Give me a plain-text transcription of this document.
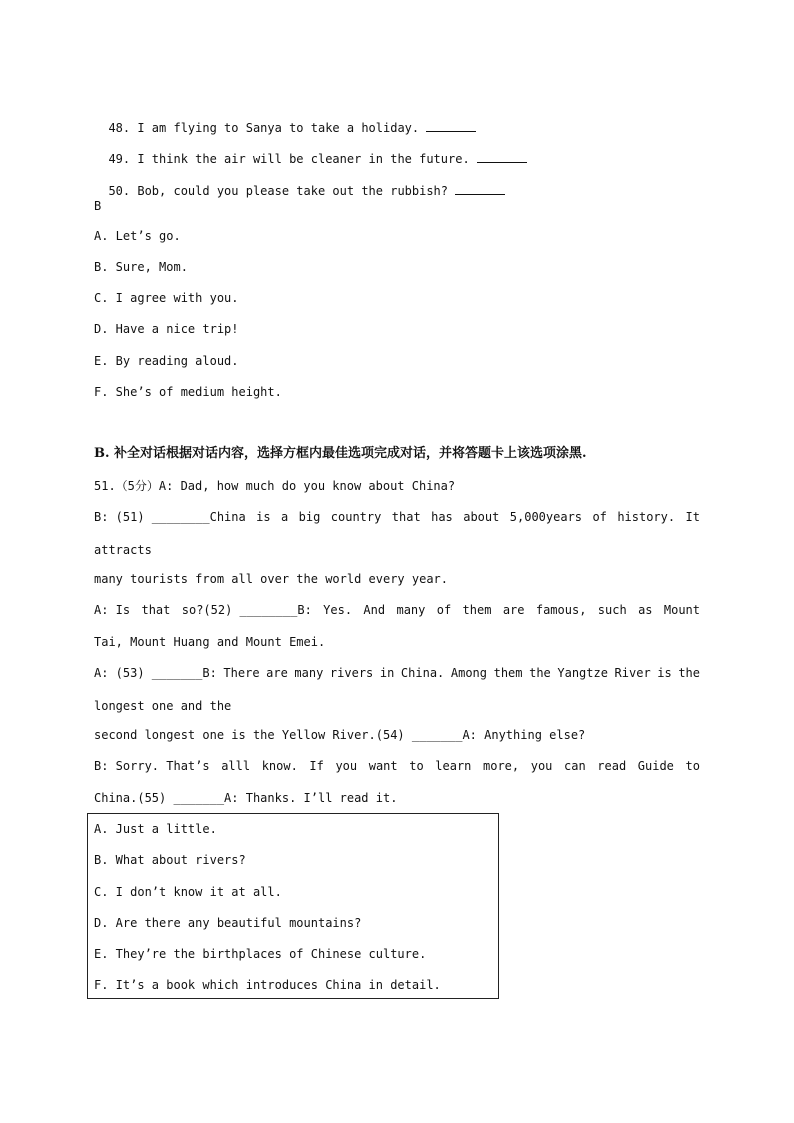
48. I am flying to Sanya to take a holiday.

49. I think the air will be cleaner in the future.

50. Bob, could you please take out the rubbish?

B
A. Let’s go.
B. Sure, Mom.
C. I agree with you.
D. Have a nice trip!
E. By reading aloud.
F. She’s of medium height.
B. 补全对话根据对话内容，选择方框内最佳选项完成对话，并将答题卡上该选项涂黑.
51.（5分）A: Dad, how much do you know about China?
B: (51) ________China is a big country that has about 5,000years of history. It
attracts
many tourists from all over the world every year.
A: Is that so?(52) ________B: Yes. And many of them are famous, such as Mount
Tai, Mount Huang and Mount Emei.
A: (53) _______B: There are many rivers in China. Among them the Yangtze River is the
longest one and the
second longest one is the Yellow River.(54) _______A: Anything else?
B: Sorry. That’s alll know. If you want to learn more, you can read Guide to
China.(55) _______A: Thanks. I’ll read it.
A. Just a little.
B. What about rivers?
C. I don’t know it at all.
D. Are there any beautiful mountains?
E. They’re the birthplaces of Chinese culture.
F. It’s a book which introduces China in detail.
